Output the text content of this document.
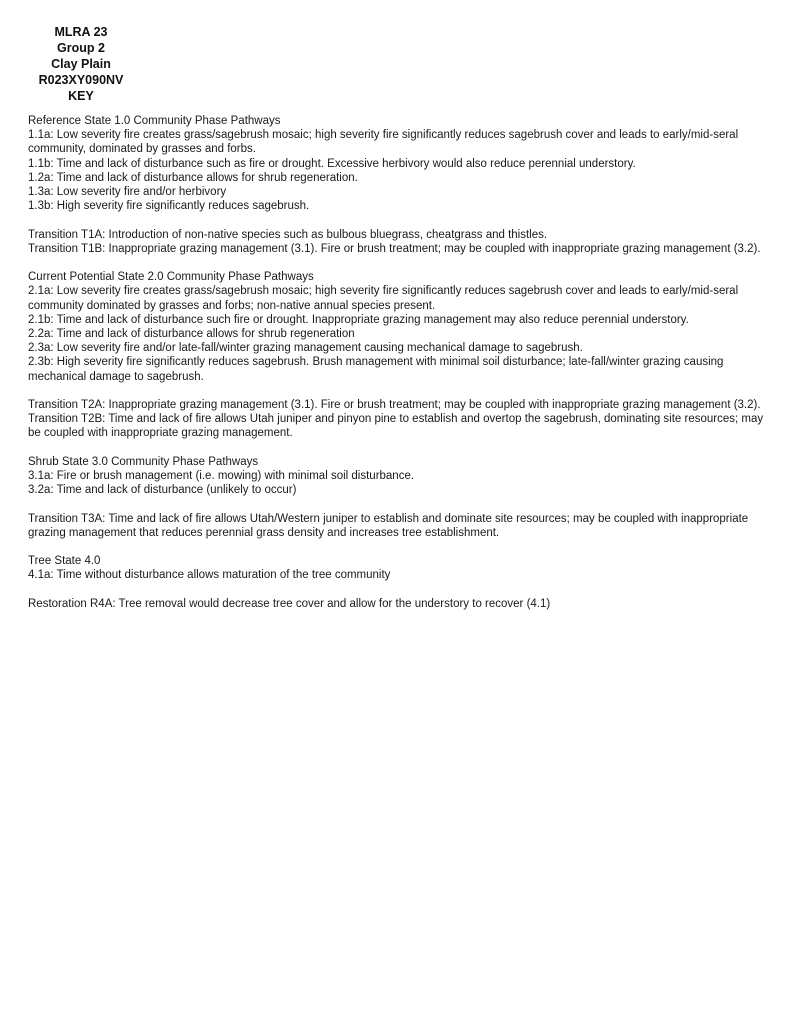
MLRA 23
Group 2
Clay Plain
R023XY090NV
KEY
Reference State 1.0 Community Phase Pathways
1.1a: Low severity fire creates grass/sagebrush mosaic; high severity fire significantly reduces sagebrush cover and leads to early/mid-seral community, dominated by grasses and forbs.
1.1b: Time and lack of disturbance such as fire or drought. Excessive herbivory would also reduce perennial understory.
1.2a: Time and lack of disturbance allows for shrub regeneration.
1.3a: Low severity fire and/or herbivory
1.3b: High severity fire significantly reduces sagebrush.
Transition T1A: Introduction of non-native species such as bulbous bluegrass, cheatgrass and thistles.
Transition T1B: Inappropriate grazing management (3.1). Fire or brush treatment; may be coupled with inappropriate grazing management (3.2).
Current Potential State 2.0 Community Phase Pathways
2.1a: Low severity fire creates grass/sagebrush mosaic; high severity fire significantly reduces sagebrush cover and leads to early/mid-seral community dominated by grasses and forbs; non-native annual species present.
2.1b: Time and lack of disturbance such fire or drought. Inappropriate grazing management may also reduce perennial understory.
2.2a: Time and lack of disturbance allows for shrub regeneration
2.3a: Low severity fire and/or late-fall/winter grazing management causing mechanical damage to sagebrush.
2.3b: High severity fire significantly reduces sagebrush. Brush management with minimal soil disturbance; late-fall/winter grazing causing mechanical damage to sagebrush.
Transition T2A: Inappropriate grazing management (3.1). Fire or brush treatment; may be coupled with inappropriate grazing management (3.2).
Transition T2B: Time and lack of fire allows Utah juniper and pinyon pine to establish and overtop the sagebrush, dominating site resources; may be coupled with inappropriate grazing management.
Shrub State 3.0 Community Phase Pathways
3.1a: Fire or brush management (i.e. mowing) with minimal soil disturbance.
3.2a: Time and lack of disturbance (unlikely to occur)
Transition T3A: Time and lack of fire allows Utah/Western juniper to establish and dominate site resources; may be coupled with inappropriate grazing management that reduces perennial grass density and increases tree establishment.
Tree State 4.0
4.1a: Time without disturbance allows maturation of the tree community
Restoration R4A: Tree removal would decrease tree cover and allow for the understory to recover (4.1)
